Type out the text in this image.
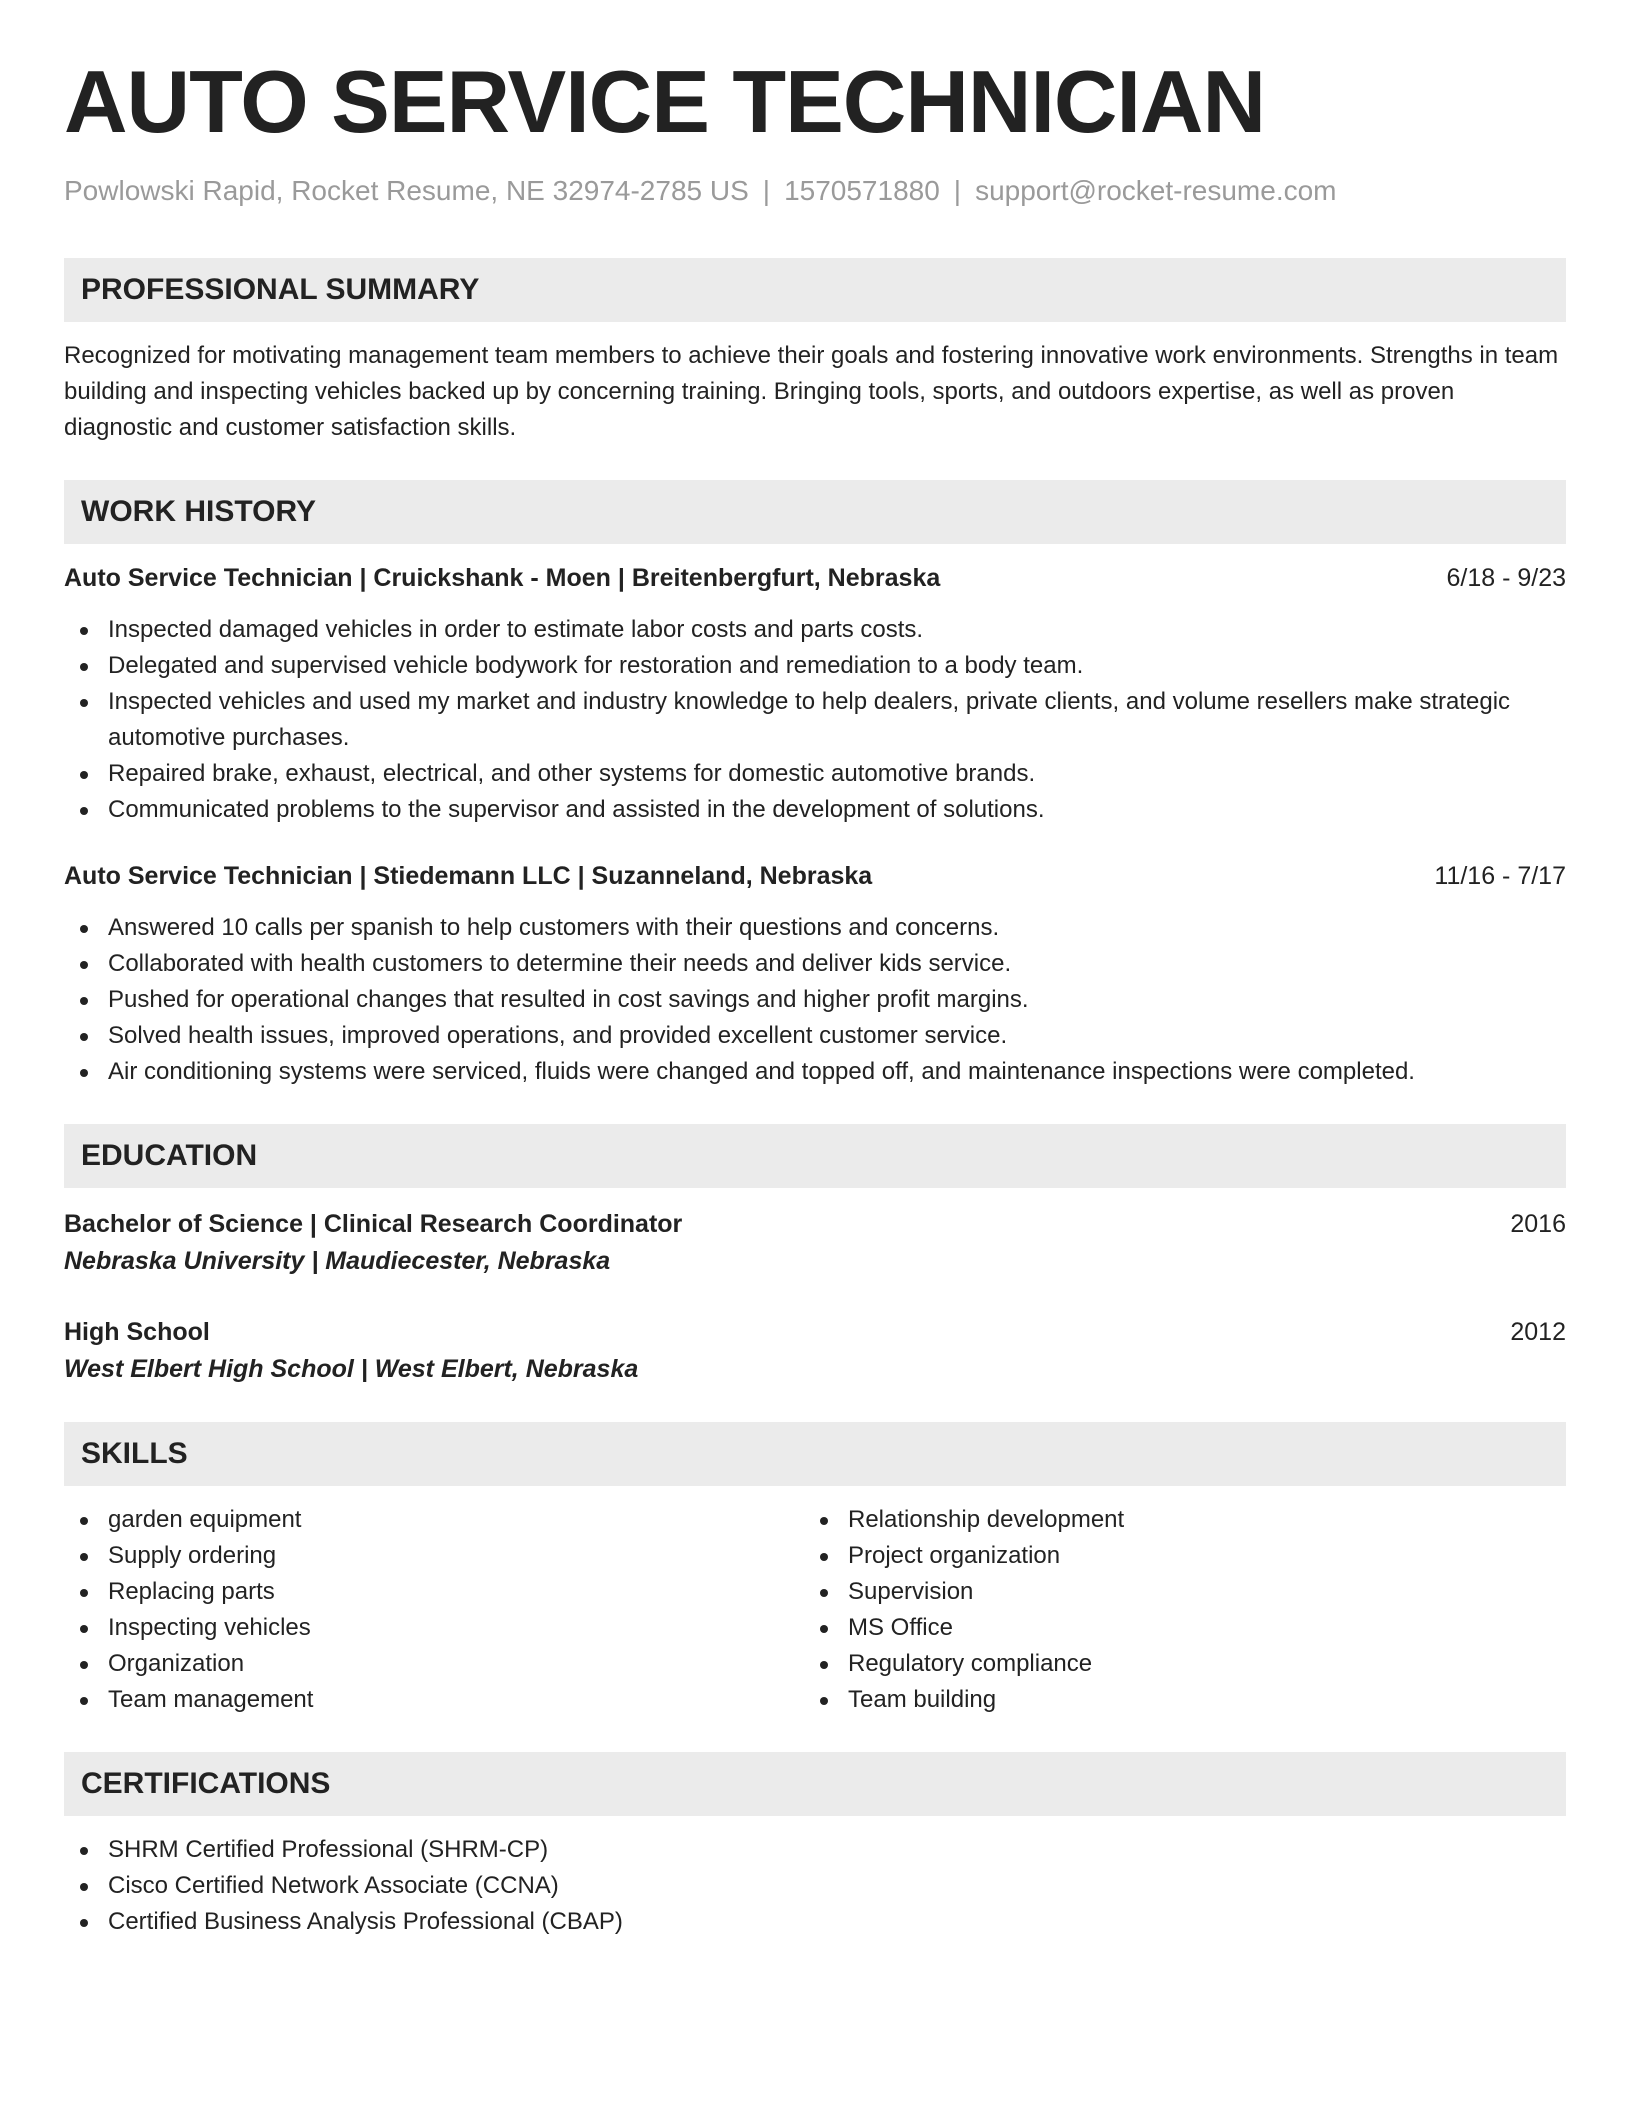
AUTO SERVICE TECHNICIAN
Powlowski Rapid, Rocket Resume, NE 32974-2785 US | 1570571880 | support@rocket-resume.com
PROFESSIONAL SUMMARY
Recognized for motivating management team members to achieve their goals and fostering innovative work environments. Strengths in team building and inspecting vehicles backed up by concerning training. Bringing tools, sports, and outdoors expertise, as well as proven diagnostic and customer satisfaction skills.
WORK HISTORY
Auto Service Technician | Cruickshank - Moen | Breitenbergfurt, Nebraska	6/18 - 9/23
Inspected damaged vehicles in order to estimate labor costs and parts costs.
Delegated and supervised vehicle bodywork for restoration and remediation to a body team.
Inspected vehicles and used my market and industry knowledge to help dealers, private clients, and volume resellers make strategic automotive purchases.
Repaired brake, exhaust, electrical, and other systems for domestic automotive brands.
Communicated problems to the supervisor and assisted in the development of solutions.
Auto Service Technician | Stiedemann LLC | Suzanneland, Nebraska	11/16 - 7/17
Answered 10 calls per spanish to help customers with their questions and concerns.
Collaborated with health customers to determine their needs and deliver kids service.
Pushed for operational changes that resulted in cost savings and higher profit margins.
Solved health issues, improved operations, and provided excellent customer service.
Air conditioning systems were serviced, fluids were changed and topped off, and maintenance inspections were completed.
EDUCATION
Bachelor of Science | Clinical Research Coordinator	2016
Nebraska University | Maudiecester, Nebraska
High School	2012
West Elbert High School | West Elbert, Nebraska
SKILLS
garden equipment
Supply ordering
Replacing parts
Inspecting vehicles
Organization
Team management
Relationship development
Project organization
Supervision
MS Office
Regulatory compliance
Team building
CERTIFICATIONS
SHRM Certified Professional (SHRM-CP)
Cisco Certified Network Associate (CCNA)
Certified Business Analysis Professional (CBAP)
